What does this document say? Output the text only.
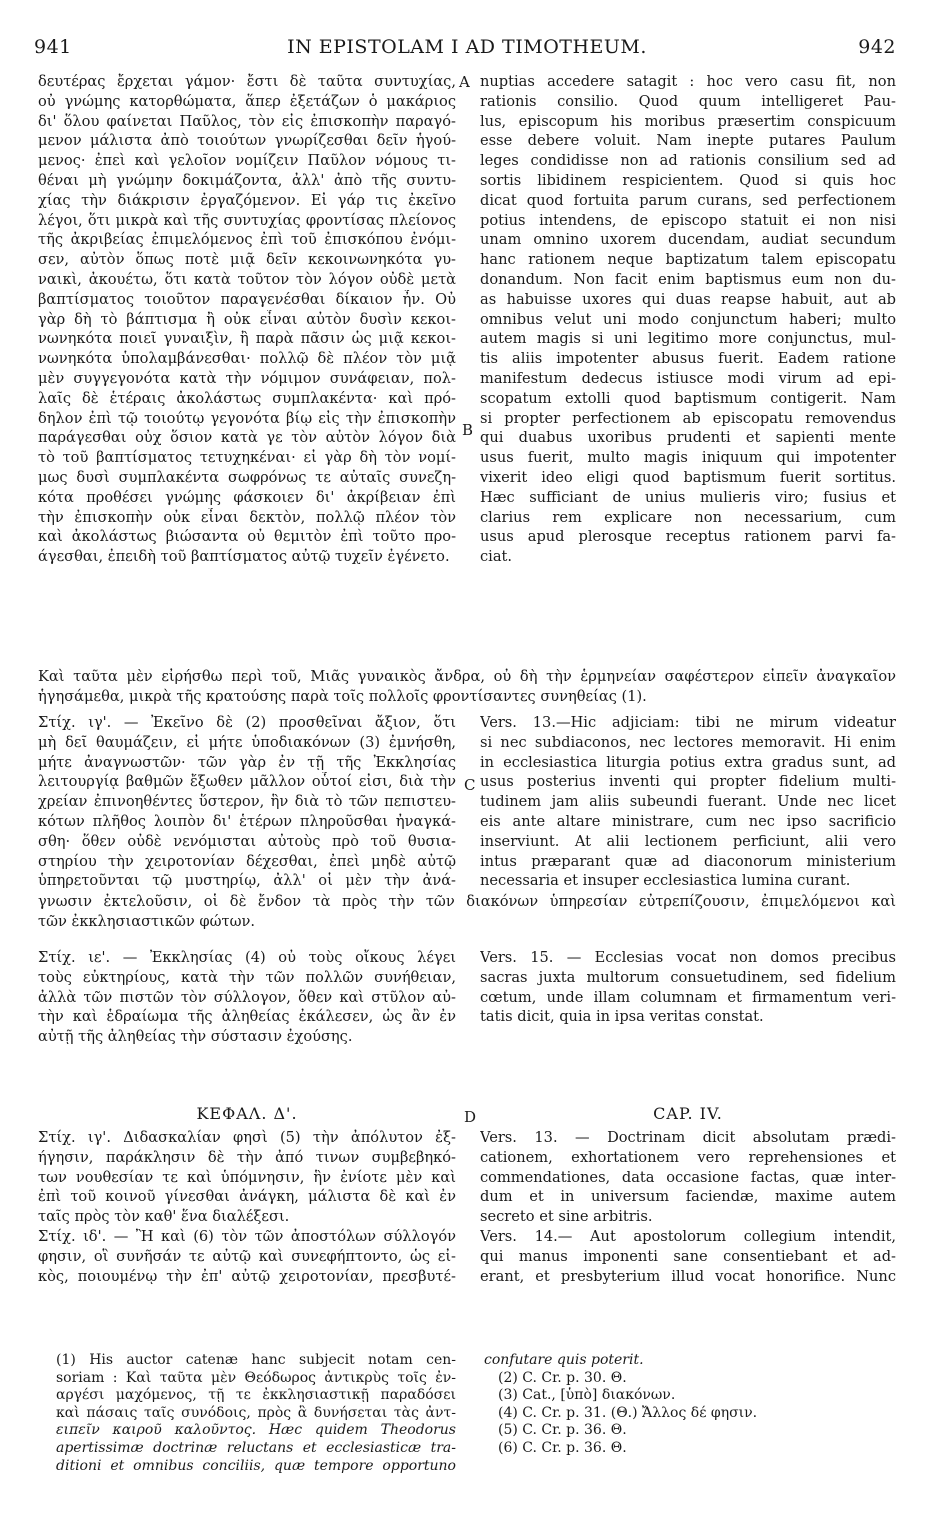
IN EPISTOLAM I AD TIMOTHEUM.
941	942
A
B
C
D
δευτέρας ἔρχεται γάμον· ἔστι δὲ ταῦτα συντυχίας,
οὐ γνώμης κατορθώματα, ἅπερ ἐξετάζων ὁ μακάριος
δι' ὅλου φαίνεται Παῦλος, τὸν εἰς ἐπισκοπὴν παραγό-
μενον μάλιστα ἀπὸ τοιούτων γνωρίζεσθαι δεῖν ἡγού-
μενος· ἐπεὶ καὶ γελοῖον νομίζειν Παῦλον νόμους τι-
θέναι μὴ γνώμην δοκιμάζοντα, ἀλλ' ἀπὸ τῆς συντυ-
χίας τὴν διάκρισιν ἐργαζόμενον. Εἰ γάρ τις ἐκεῖνο
λέγοι, ὅτι μικρὰ καὶ τῆς συντυχίας φροντίσας πλείονος
τῆς ἀκριβείας ἐπιμελόμενος ἐπὶ τοῦ ἐπισκόπου ἐνόμι-
σεν, αὐτὸν ὅπως ποτὲ μιᾷ δεῖν κεκοινωνηκότα γυ-
ναικὶ, ἀκουέτω, ὅτι κατὰ τοῦτον τὸν λόγον οὐδὲ μετὰ
βαπτίσματος τοιοῦτον παραγενέσθαι δίκαιον ἦν. Οὐ
γὰρ δὴ τὸ βάπτισμα ἢ οὐκ εἶναι αὐτὸν δυσὶν κεκοι-
νωνηκότα ποιεῖ γυναιξὶν, ἢ παρὰ πᾶσιν ὡς μιᾷ κεκοι-
νωνηκότα ὑπολαμβάνεσθαι· πολλῷ δὲ πλέον τὸν μιᾷ
μὲν συγγεγονότα κατὰ τὴν νόμιμον συνάφειαν, πολ-
λαῖς δὲ ἑτέραις ἀκολάστως συμπλακέντα· καὶ πρό-
δηλον ἐπὶ τῷ τοιούτῳ γεγονότα βίῳ εἰς τὴν ἐπισκοπὴν
παράγεσθαι οὐχ ὅσιον κατὰ γε τὸν αὐτὸν λόγον διὰ
τὸ τοῦ βαπτίσματος τετυχηκέναι· εἰ γὰρ δὴ τὸν νομί-
μως δυσὶ συμπλακέντα σωφρόνως τε αὐταῖς συνεζη-
κότα προθέσει γνώμης φάσκοιεν δι' ἀκρίβειαν ἐπὶ
τὴν ἐπισκοπὴν οὐκ εἶναι δεκτὸν, πολλῷ πλέον τὸν
καὶ ἀκολάστως βιώσαντα οὐ θεμιτὸν ἐπὶ τοῦτο προ-
άγεσθαι, ἐπειδὴ τοῦ βαπτίσματος αὐτῷ τυχεῖν ἐγένετο.
nuptias accedere satagit : hoc vero casu fit, non
rationis consilio. Quod quum intelligeret Pau-
lus, episcopum his moribus præsertim conspicuum
esse debere voluit. Nam inepte putares Paulum
leges condidisse non ad rationis consilium sed ad
sortis libidinem respicientem. Quod si quis hoc
dicat quod fortuita parum curans, sed perfectionem
potius intendens, de episcopo statuit ei non nisi
unam omnino uxorem ducendam, audiat secundum
hanc rationem neque baptizatum talem episcopatu
donandum. Non facit enim baptismus eum non du-
as habuisse uxores qui duas reapse habuit, aut ab
omnibus velut uni modo conjunctum haberi; multo
autem magis si uni legitimo more conjunctus, mul-
tis aliis impotenter abusus fuerit. Eadem ratione
manifestum dedecus istiusce modi virum ad epi-
scopatum extolli quod baptismum contigerit. Nam
si propter perfectionem ab episcopatu removendus
qui duabus uxoribus prudenti et sapienti mente
usus fuerit, multo magis iniquum qui impotenter
vixerit ideo eligi quod baptismum fuerit sortitus.
Hæc sufficiant de unius mulieris viro; fusius et
clarius rem explicare non necessarium, cum
usus apud plerosque receptus rationem parvi fa-
ciat.
Καὶ ταῦτα μὲν εἰρήσθω περὶ τοῦ, Μιᾶς γυναικὸς ἄνδρα, οὐ δὴ τὴν ἑρμηνείαν σαφέστερον εἰπεῖν ἀναγκαῖον
ἡγησάμεθα, μικρὰ τῆς κρατούσης παρὰ τοῖς πολλοῖς φροντίσαντες συνηθείας (1).
Στίχ. ιγ'. — Ἐκεῖνο δὲ (2) προσθεῖναι ἄξιον, ὅτι
μὴ δεῖ θαυμάζειν, εἰ μήτε ὑποδιακόνων (3) ἐμνήσθη,
μήτε ἀναγνωστῶν· τῶν γὰρ ἐν τῇ τῆς Ἐκκλησίας
λειτουργίᾳ βαθμῶν ἔξωθεν μᾶλλον οὗτοί εἰσι, διὰ τὴν
χρείαν ἐπινοηθέντες ὕστερον, ἣν διὰ τὸ τῶν πεπιστευ-
κότων πλῆθος λοιπὸν δι' ἑτέρων πληροῦσθαι ἠναγκά-
σθη· ὅθεν οὐδὲ νενόμισται αὐτοὺς πρὸ τοῦ θυσια-
στηρίου τὴν χειροτονίαν δέχεσθαι, ἐπεὶ μηδὲ αὐτῷ
ὑπηρετοῦνται τῷ μυστηρίῳ, ἀλλ' οἱ μὲν τὴν ἀνά-
Vers. 13.—Hic adjiciam: tibi ne mirum videatur
si nec subdiaconos, nec lectores memoravit. Hi enim
in ecclesiastica liturgia potius extra gradus sunt, ad
usus posterius inventi qui propter fidelium multi-
tudinem jam aliis subeundi fuerant. Unde nec licet
eis ante altare ministrare, cum nec ipso sacrificio
inserviunt. At alii lectionem perficiunt, alii vero
intus præparant quæ ad diaconorum ministerium
necessaria et insuper ecclesiastica lumina curant.
γνωσιν ἐκτελοῦσιν, οἱ δὲ ἔνδον τὰ πρὸς τὴν τῶν διακόνων ὑπηρεσίαν εὐτρεπίζουσιν, ἐπιμελόμενοι καὶ
τῶν ἐκκλησιαστικῶν φώτων.
Στίχ. ιε'. — Ἐκκλησίας (4) οὐ τοὺς οἴκους λέγει
τοὺς εὐκτηρίους, κατὰ τὴν τῶν πολλῶν συνήθειαν,
ἀλλὰ τῶν πιστῶν τὸν σύλλογον, ὅθεν καὶ στῦλον αὐ-
τὴν καὶ ἑδραίωμα τῆς ἀληθείας ἐκάλεσεν, ὡς ἂν ἐν
αὐτῇ τῆς ἀληθείας τὴν σύστασιν ἐχούσης.
Vers. 15. — Ecclesias vocat non domos precibus
sacras juxta multorum consuetudinem, sed fidelium
cœtum, unde illam columnam et firmamentum veri-
tatis dicit, quia in ipsa veritas constat.
ΚΕΦΑΛ. Δ'.	CAP. IV.
Στίχ. ιγ'. Διδασκαλίαν φησὶ (5) τὴν ἀπόλυτον ἐξ-
ήγησιν, παράκλησιν δὲ τὴν ἀπό τινων συμβεβηκό-
των νουθεσίαν τε καὶ ὑπόμνησιν, ἣν ἐνίοτε μὲν καὶ
ἐπὶ τοῦ κοινοῦ γίνεσθαι ἀνάγκη, μάλιστα δὲ καὶ ἐν
ταῖς πρὸς τὸν καθ' ἕνα διαλέξεσι.
Στίχ. ιδ'. — Ἢ καὶ (6) τὸν τῶν ἀποστόλων σύλλογόν
φησιν, οἳ συνῆσάν τε αὐτῷ καὶ συνεφήπτοντο, ὡς εἰ-
κὸς, ποιουμένῳ τὴν ἐπ' αὐτῷ χειροτονίαν, πρεσβυτέ-
Vers. 13. — Doctrinam dicit absolutam prædi-
cationem, exhortationem vero reprehensiones et
commendationes, data occasione factas, quæ inter-
dum et in universum faciendæ, maxime autem
secreto et sine arbitris.
Vers. 14.— Aut apostolorum collegium intendit,
qui manus imponenti sane consentiebant et ad-
erant, et presbyterium illud vocat honorifice. Nunc
(1) His auctor catenæ hanc subjecit notam cen-
soriam : Καὶ ταῦτα μὲν Θεόδωρος ἀντικρὺς τοῖς ἐν-
αργέσι μαχόμενος, τῇ τε ἐκκλησιαστικῇ παραδόσει
καὶ πάσαις ταῖς συνόδοις, πρὸς ἃ δυνήσεται τὰς ἀντ-
ειπεῖν καιροῦ καλοῦντος. Hæc quidem Theodorus
apertissimæ doctrinæ reluctans et ecclesiasticæ tra-
ditioni et omnibus conciliis, quæ tempore opportuno
confutare quis poterit.
(2) C. Cr. p. 30. Θ.
(3) Cat., [ὑπὸ] διακόνων.
(4) C. Cr. p. 31. (Θ.) Ἄλλος δέ φησιν.
(5) C. Cr. p. 36. Θ.
(6) C. Cr. p. 36. Θ.
